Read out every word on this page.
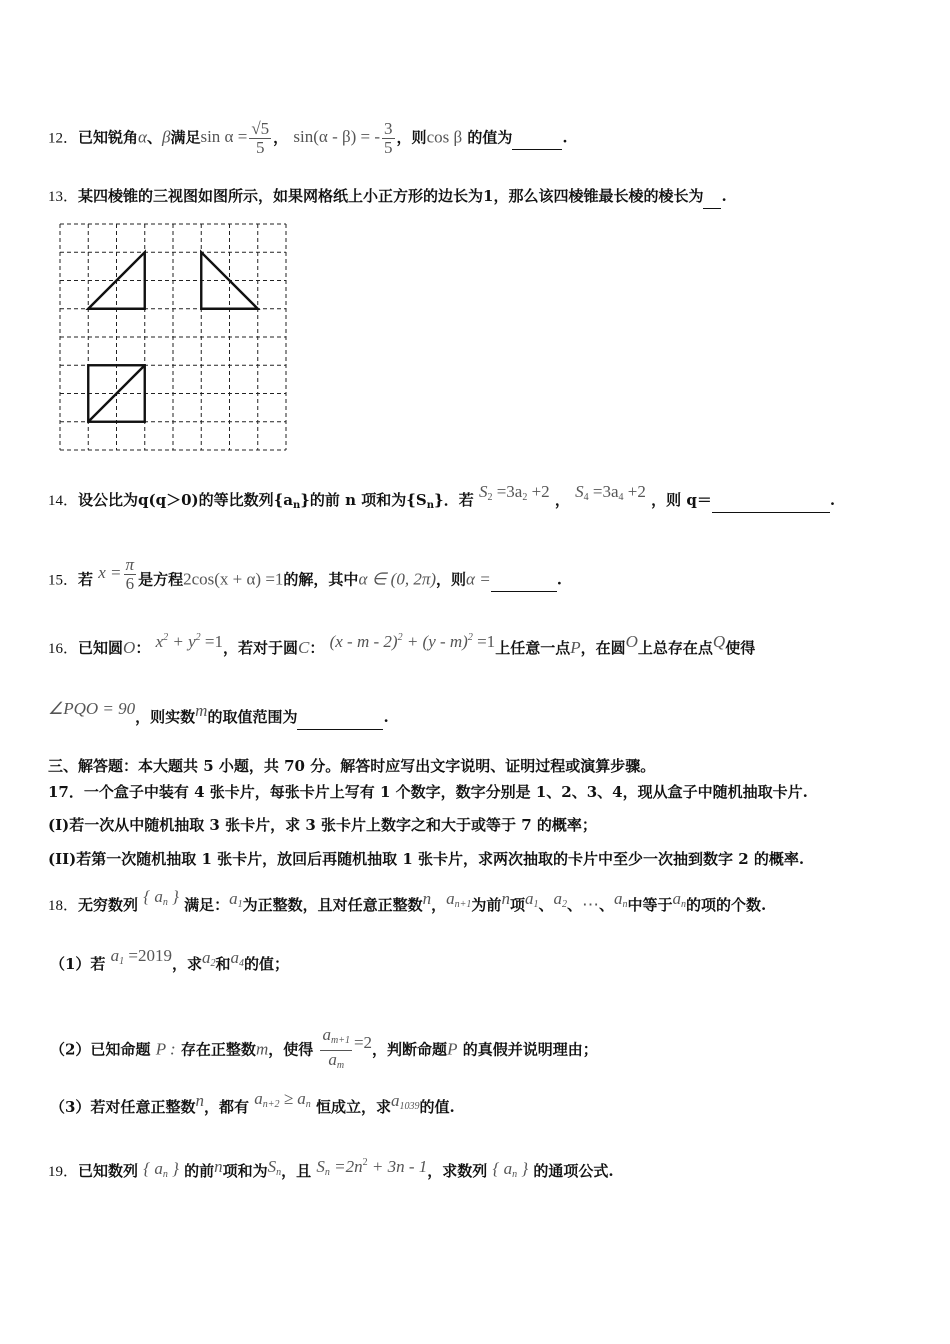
12．已知锐角α、β满足$\sin \alpha = \frac{√5}{5}$ ， sin(α - β) = - $\frac{3}{5}$ ，则cos β 的值为	.
13．某四棱锥的三视图如图所示，如果网格纸上小正方形的边长为1，那么该四棱锥最长棱的棱长为 .
14．设公比为q(q＞0)的等比数列$\{a_n\}$的前 n 项和为$\{S_n\}$．若 $S_2 =3a_2 +2$ ， $S_4 =3a_4 +2$ ，则 q＝	.
15．若 $x = \frac{\pi}{6}$ 是方程2cos(x + α) =1的解，其中α ∈ (0, 2π)，则α =	.
16．已知圆O： $x^2 + y^2 =1$，若对于圆C： (x - m - 2)$^2$ + (y - m)$^2$ =1上任意一点P，在圆O上总存在点Q使得
∠PQO = 90，则实数m的取值范围为	.
三、解答题：本大题共 5 小题，共 70 分。解答时应写出文字说明、证明过程或演算步骤。
17．一个盒子中装有 4 张卡片，每张卡片上写有 1 个数字，数字分别是 1、2、3、4，现从盒子中随机抽取卡片.
(I)若一次从中随机抽取 3 张卡片，求 3 张卡片上数字之和大于或等于 7 的概率；
(II)若第一次随机抽取 1 张卡片，放回后再随机抽取 1 张卡片，求两次抽取的卡片中至少一次抽到数字 2 的概率.
18．无穷数列 { $a_n$ } 满足：$a_1$为正整数，且对任意正整数n，$a_{n+1}$为前n项$a_1$、$a_2$、⋯、$a_n$中等于$a_n$的项的个数.
（1）若 $a_1 =2019$，求$a_2$和$a_4$的值；
（2）已知命题 P : 存在正整数m，使得 $\frac{a_{m+1}}{a_m} =2$，判断命题P 的真假并说明理由；
（3）若对任意正整数n，都有 $a_{n+2} \ge a_n$ 恒成立，求$a_{1039}$的值.
19．已知数列 { $a_n$ } 的前n项和为$S_n$，且 $S_n =2n^2 + 3n - 1$，求数列 { $a_n$ } 的通项公式.
